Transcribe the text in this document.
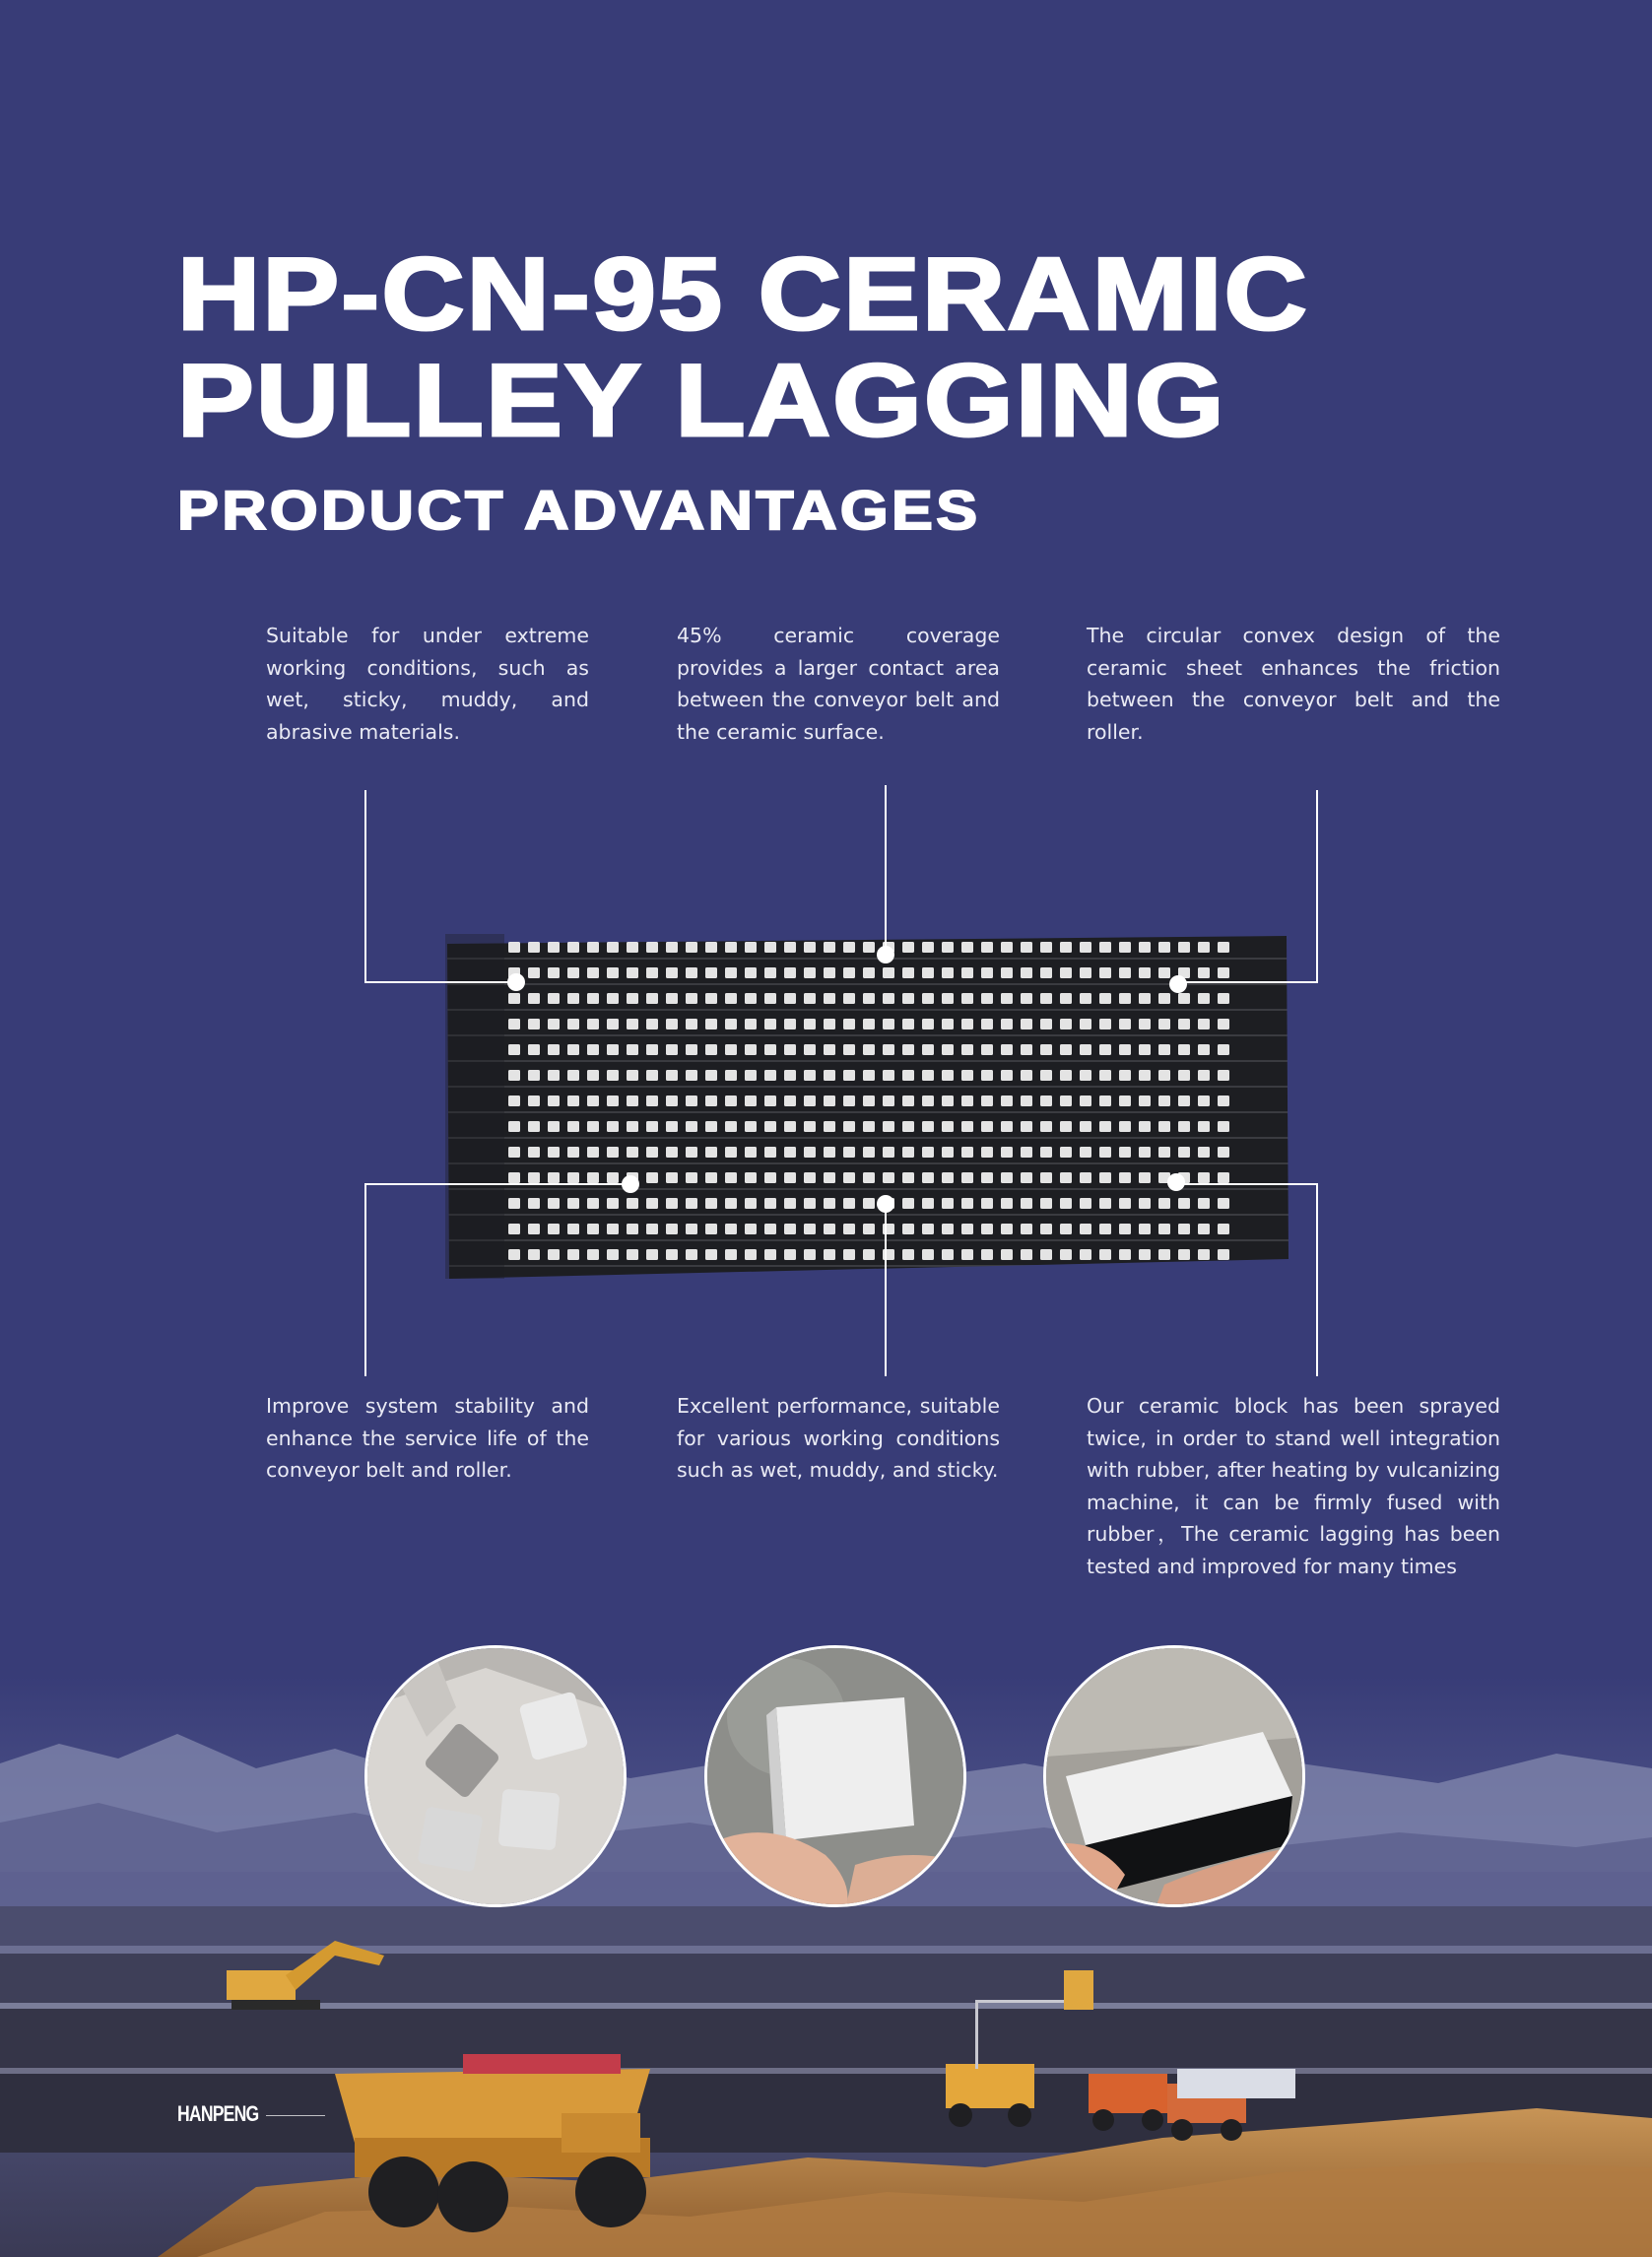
HP-CN-95 CERAMIC
PULLEY LAGGING
PRODUCT ADVANTAGES

Suitable for under extreme working conditions, such as wet, sticky, muddy, and abrasive materials.

45% ceramic coverage provides a larger contact area between the conveyor belt and the ceramic surface.

The circular convex design of the ceramic sheet enhances the friction between the conveyor belt and the roller.

Improve system stability and enhance the service life of the conveyor belt and roller.

Excellent performance, suitable for various working conditions such as wet, muddy, and sticky.

Our ceramic block has been sprayed twice, in order to stand well integration with rubber, after heating by vulcanizing machine, it can be firmly fused with rubber，The ceramic lagging has been tested and improved for many times

HANPENG
